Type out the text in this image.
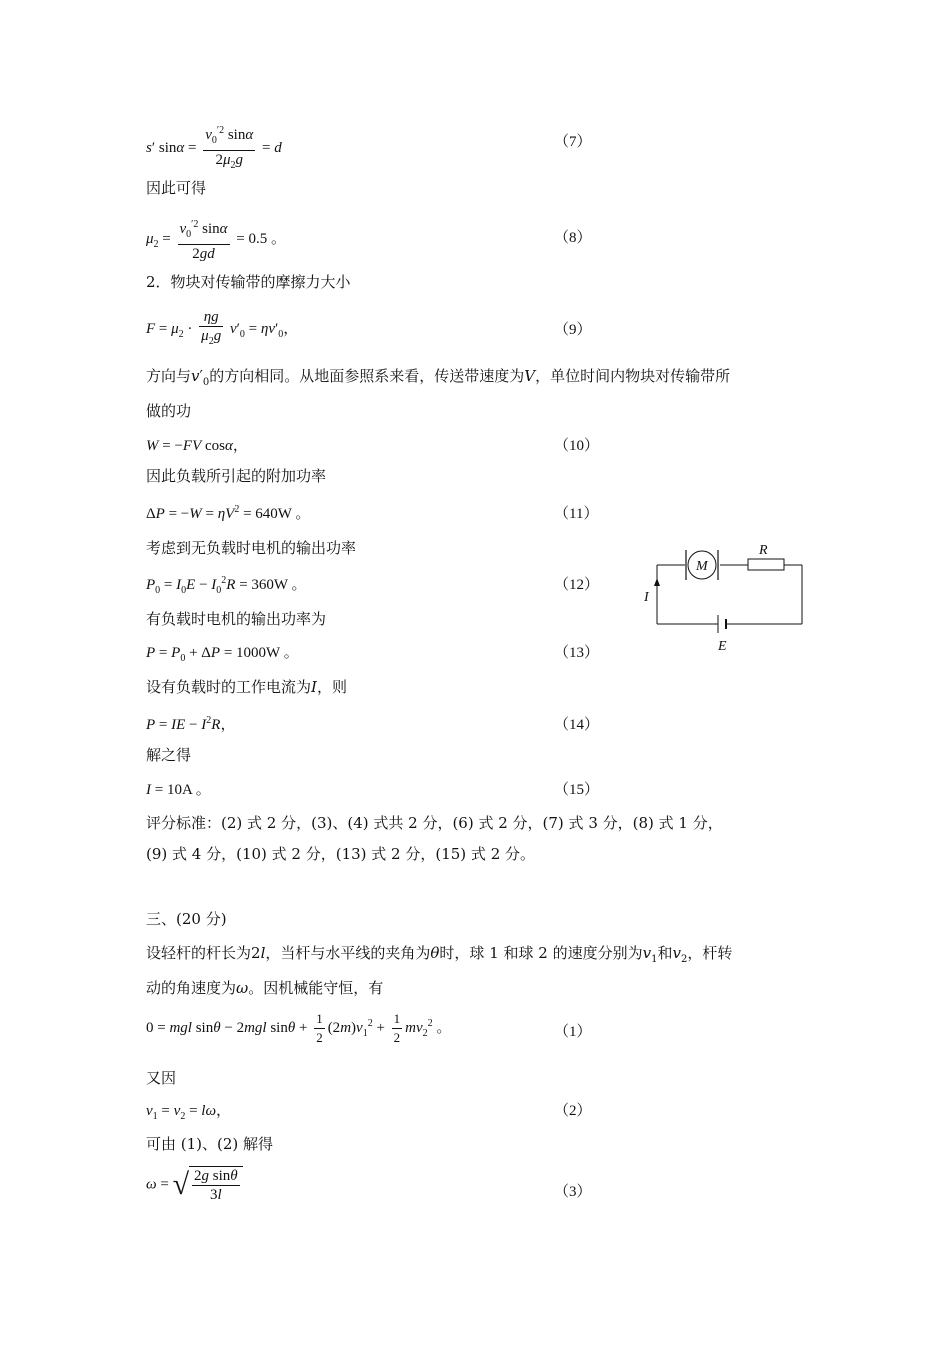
s′ $\sin\alpha = \frac{v_0^{'2} \sin\alpha}{2\mu_2g} = d$	（7）
因此可得
$\mu_2 = \frac{v_0^{'2} \sin\alpha}{2gd} = 0.5$ 。	（8）
2．物块对传输带的摩擦力大小
$F = \mu_2 \cdot \frac{\eta g}{\mu_2g} v'_0 = \eta v'_0$，	（9）
方向与$v'_0$的方向相同。从地面参照系来看，传送带速度为V，单位时间内物块对传输带所
做的功
W = −FV cosα，	（10）
因此负载所引起的附加功率
$\Delta P = -W = \eta V^2 = 640W$ 。	（11）
考虑到无负载时电机的输出功率
$P_0 = I_0E - I_0^2R = 360W$ 。	（12）
有负载时电机的输出功率为
$P = P_0 + \Delta P = 1000W$ 。	（13）
设有负载时的工作电流为I，则
P = IE − $I^2R$，	（14）
解之得
I = 10A 。	（15）
评分标准：(2) 式 2 分，(3)、(4) 式共 2 分，(6) 式 2 分，(7) 式 3 分，(8) 式 1 分，
(9) 式 4 分，(10) 式 2 分，(13) 式 2 分，(15) 式 2 分。
三、(20 分)
设轻杆的杆长为2l，当杆与水平线的夹角为θ时，球 1 和球 2 的速度分别为$v_1$和$v_2$，杆转
动的角速度为ω。因机械能守恒，有
0 = mgl sinθ − 2mgl $\sin\theta + \frac{1}{2} (2m)v_1^2 + \frac{1}{2} mv_2^2$ 。	（1）
又因
$v_1 = v_2 = l\omega$，	（2）
可由 (1)、(2) 解得
ω = √ $\frac{\text{2g sinθ}}{3l}$	（3）
M
R
E
I
